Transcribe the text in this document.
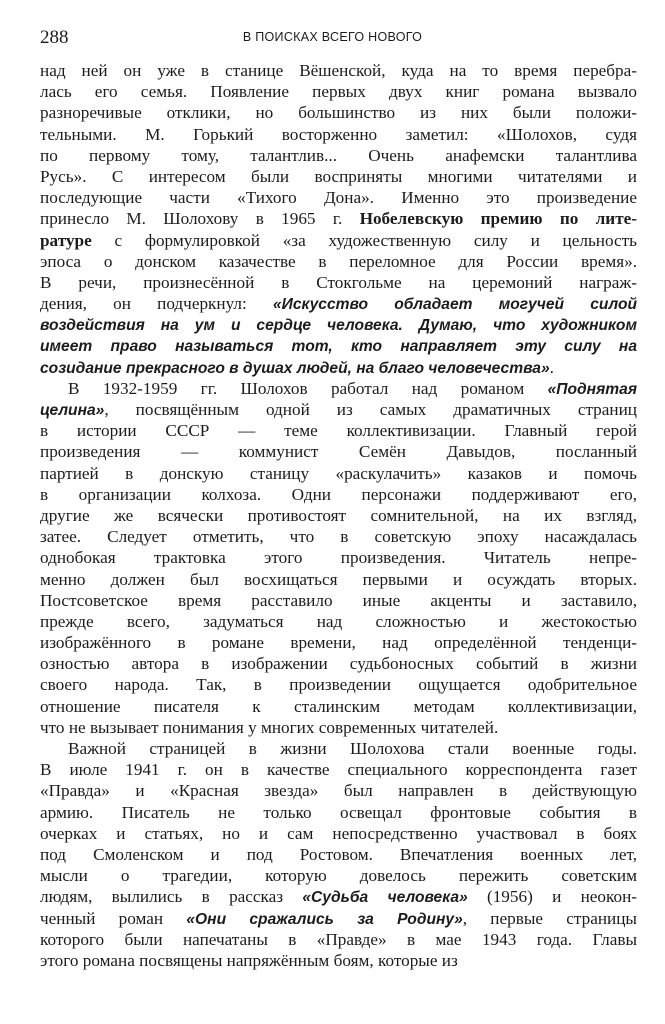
288	В ПОИСКАХ ВСЕГО НОВОГО
над ней он уже в станице Вёшенской, куда на то время перебра-
лась его семья. Появление первых двух книг романа вызвало
разноречивые отклики, но большинство из них были положи-
тельными. М. Горький восторженно заметил: «Шолохов, судя
по первому тому, талантлив... Очень анафемски талантлива
Русь». С интересом были восприняты многими читателями и
последующие части «Тихого Дона». Именно это произведение
принесло М. Шолохову в 1965 г. Нобелевскую премию по лите-
ратуре с формулировкой «за художественную силу и цельность
эпоса о донском казачестве в переломное для России время».
В речи, произнесённой в Стокгольме на церемоний награж-
дения, он подчеркнул: «Искусство обладает могучей силой
воздействия на ум и сердце человека. Думаю, что художником
имеет право называться тот, кто направляет эту силу на
созидание прекрасного в душах людей, на благо человечества».
В 1932-1959 гг. Шолохов работал над романом «Поднятая
целина», посвящённым одной из самых драматичных страниц
в истории СССР — теме коллективизации. Главный герой
произведения — коммунист Семён Давыдов, посланный
партией в донскую станицу «раскулачить» казаков и помочь
в организации колхоза. Одни персонажи поддерживают его,
другие же всячески противостоят сомнительной, на их взгляд,
затее. Следует отметить, что в советскую эпоху насаждалась
однобокая трактовка этого произведения. Читатель непре-
менно должен был восхищаться первыми и осуждать вторых.
Постсоветское время расставило иные акценты и заставило,
прежде всего, задуматься над сложностью и жестокостью
изображённого в романе времени, над определённой тенденци-
озностью автора в изображении судьбоносных событий в жизни
своего народа. Так, в произведении ощущается одобрительное
отношение писателя к сталинским методам коллективизации,
что не вызывает понимания у многих современных читателей.
Важной страницей в жизни Шолохова стали военные годы.
В июле 1941 г. он в качестве специального корреспондента газет
«Правда» и «Красная звезда» был направлен в действующую
армию. Писатель не только освещал фронтовые события в
очерках и статьях, но и сам непосредственно участвовал в боях
под Смоленском и под Ростовом. Впечатления военных лет,
мысли о трагедии, которую довелось пережить советским
людям, вылились в рассказ «Судьба человека» (1956) и неокон-
ченный роман «Они сражались за Родину», первые страницы
которого были напечатаны в «Правде» в мае 1943 года. Главы
этого романа посвящены напряжённым боям, которые из
